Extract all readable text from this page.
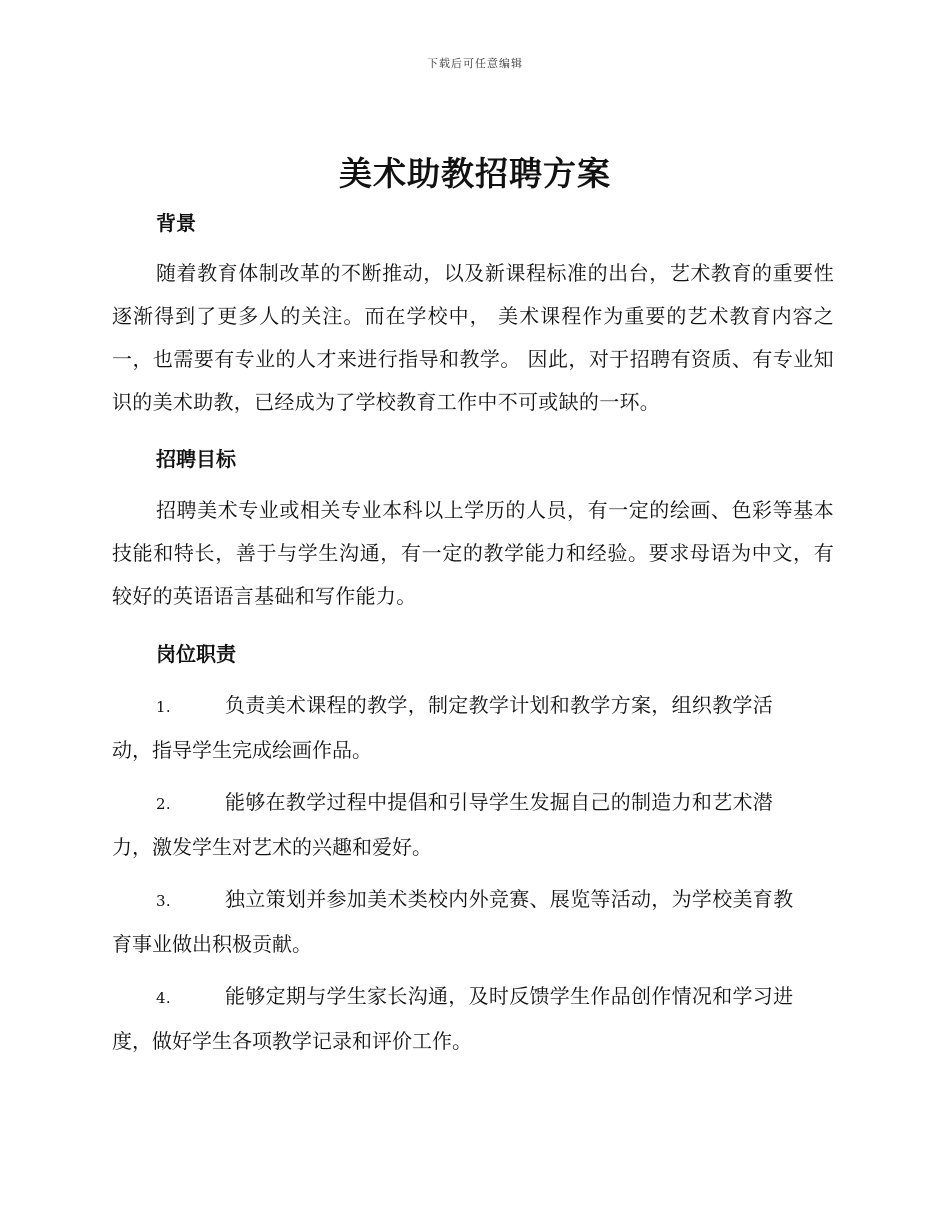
下载后可任意编辑
美术助教招聘方案
背景

随着教育体制改革的不断推动，以及新课程标准的出台，艺术教育的重要性逐渐得到了更多人的关注。而在学校中， 美术课程作为重要的艺术教育内容之一，也需要有专业的人才来进行指导和教学。 因此，对于招聘有资质、有专业知识的美术助教，已经成为了学校教育工作中不可或缺的一环。

招聘目标

招聘美术专业或相关专业本科以上学历的人员，有一定的绘画、色彩等基本技能和特长，善于与学生沟通，有一定的教学能力和经验。要求母语为中文，有较好的英语语言基础和写作能力。

岗位职责
1.	负责美术课程的教学，制定教学计划和教学方案，组织教学活
动，指导学生完成绘画作品。
2.	能够在教学过程中提倡和引导学生发掘自己的制造力和艺术潜
力，激发学生对艺术的兴趣和爱好。
3.	独立策划并参加美术类校内外竞赛、展览等活动，为学校美育教
育事业做出积极贡献。
4.	能够定期与学生家长沟通，及时反馈学生作品创作情况和学习进
度，做好学生各项教学记录和评价工作。
